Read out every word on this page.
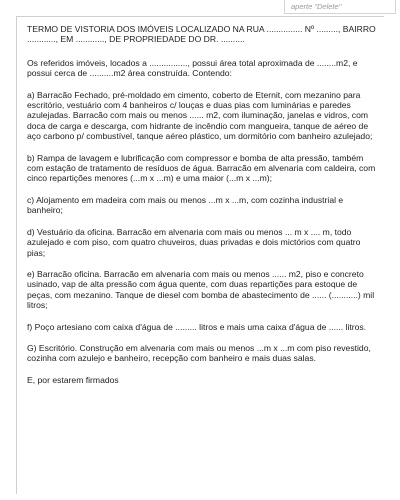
aperte "Delete"

TERMO DE VISTORIA DOS IMÓVEIS LOCALIZADO NA RUA ............... Nº ........., BAIRRO ............, EM ............, DE PROPRIEDADE DO DR. ..........

Os referidos imóveis, locados a ................, possui área total aproximada de ........m2, e possui cerca de ..........m2 área construída. Contendo:

a) Barracão Fechado, pré-moldado em cimento, coberto de Eternit, com mezanino para escritório, vestuário com 4 banheiros c/ louças e duas pias com luminárias e paredes azulejadas. Barracão com mais ou menos ...... m2, com iluminação, janelas e vidros, com doca de carga e descarga, com hidrante de incêndio com mangueira, tanque de aéreo de aço carbono p/ combustível, tanque aéreo plástico, um dormitório com banheiro azulejado;

b) Rampa de lavagem e lubrificação com compressor e bomba de alta pressão, também com estação de tratamento de resíduos de água. Barracão em alvenaria com caldeira, com cinco repartições menores (...m x ...m) e uma maior (...m x ...m);

c) Alojamento em madeira com mais ou menos ...m x ...m, com cozinha industrial e banheiro;

d) Vestuário da oficina. Barracão em alvenaria com mais ou menos ... m x .... m, todo azulejado e com piso, com quatro chuveiros, duas privadas e dois mictórios com quatro pias;

e) Barracão oficina. Barracão em alvenaria com mais ou menos ...... m2, piso e concreto usinado, vap de alta pressão com água quente, com duas repartições para estoque de peças, com mezanino. Tanque de diesel com bomba de abastecimento de ...... (...........) mil litros;

f) Poço artesiano com caixa d'água de ......... litros e mais uma caixa d'água de ...... litros.

G) Escritório. Construção em alvenaria com mais ou menos ...m x ...m com piso revestido, cozinha com azulejo e banheiro, recepção com banheiro e mais duas salas.

E, por estarem firmados
